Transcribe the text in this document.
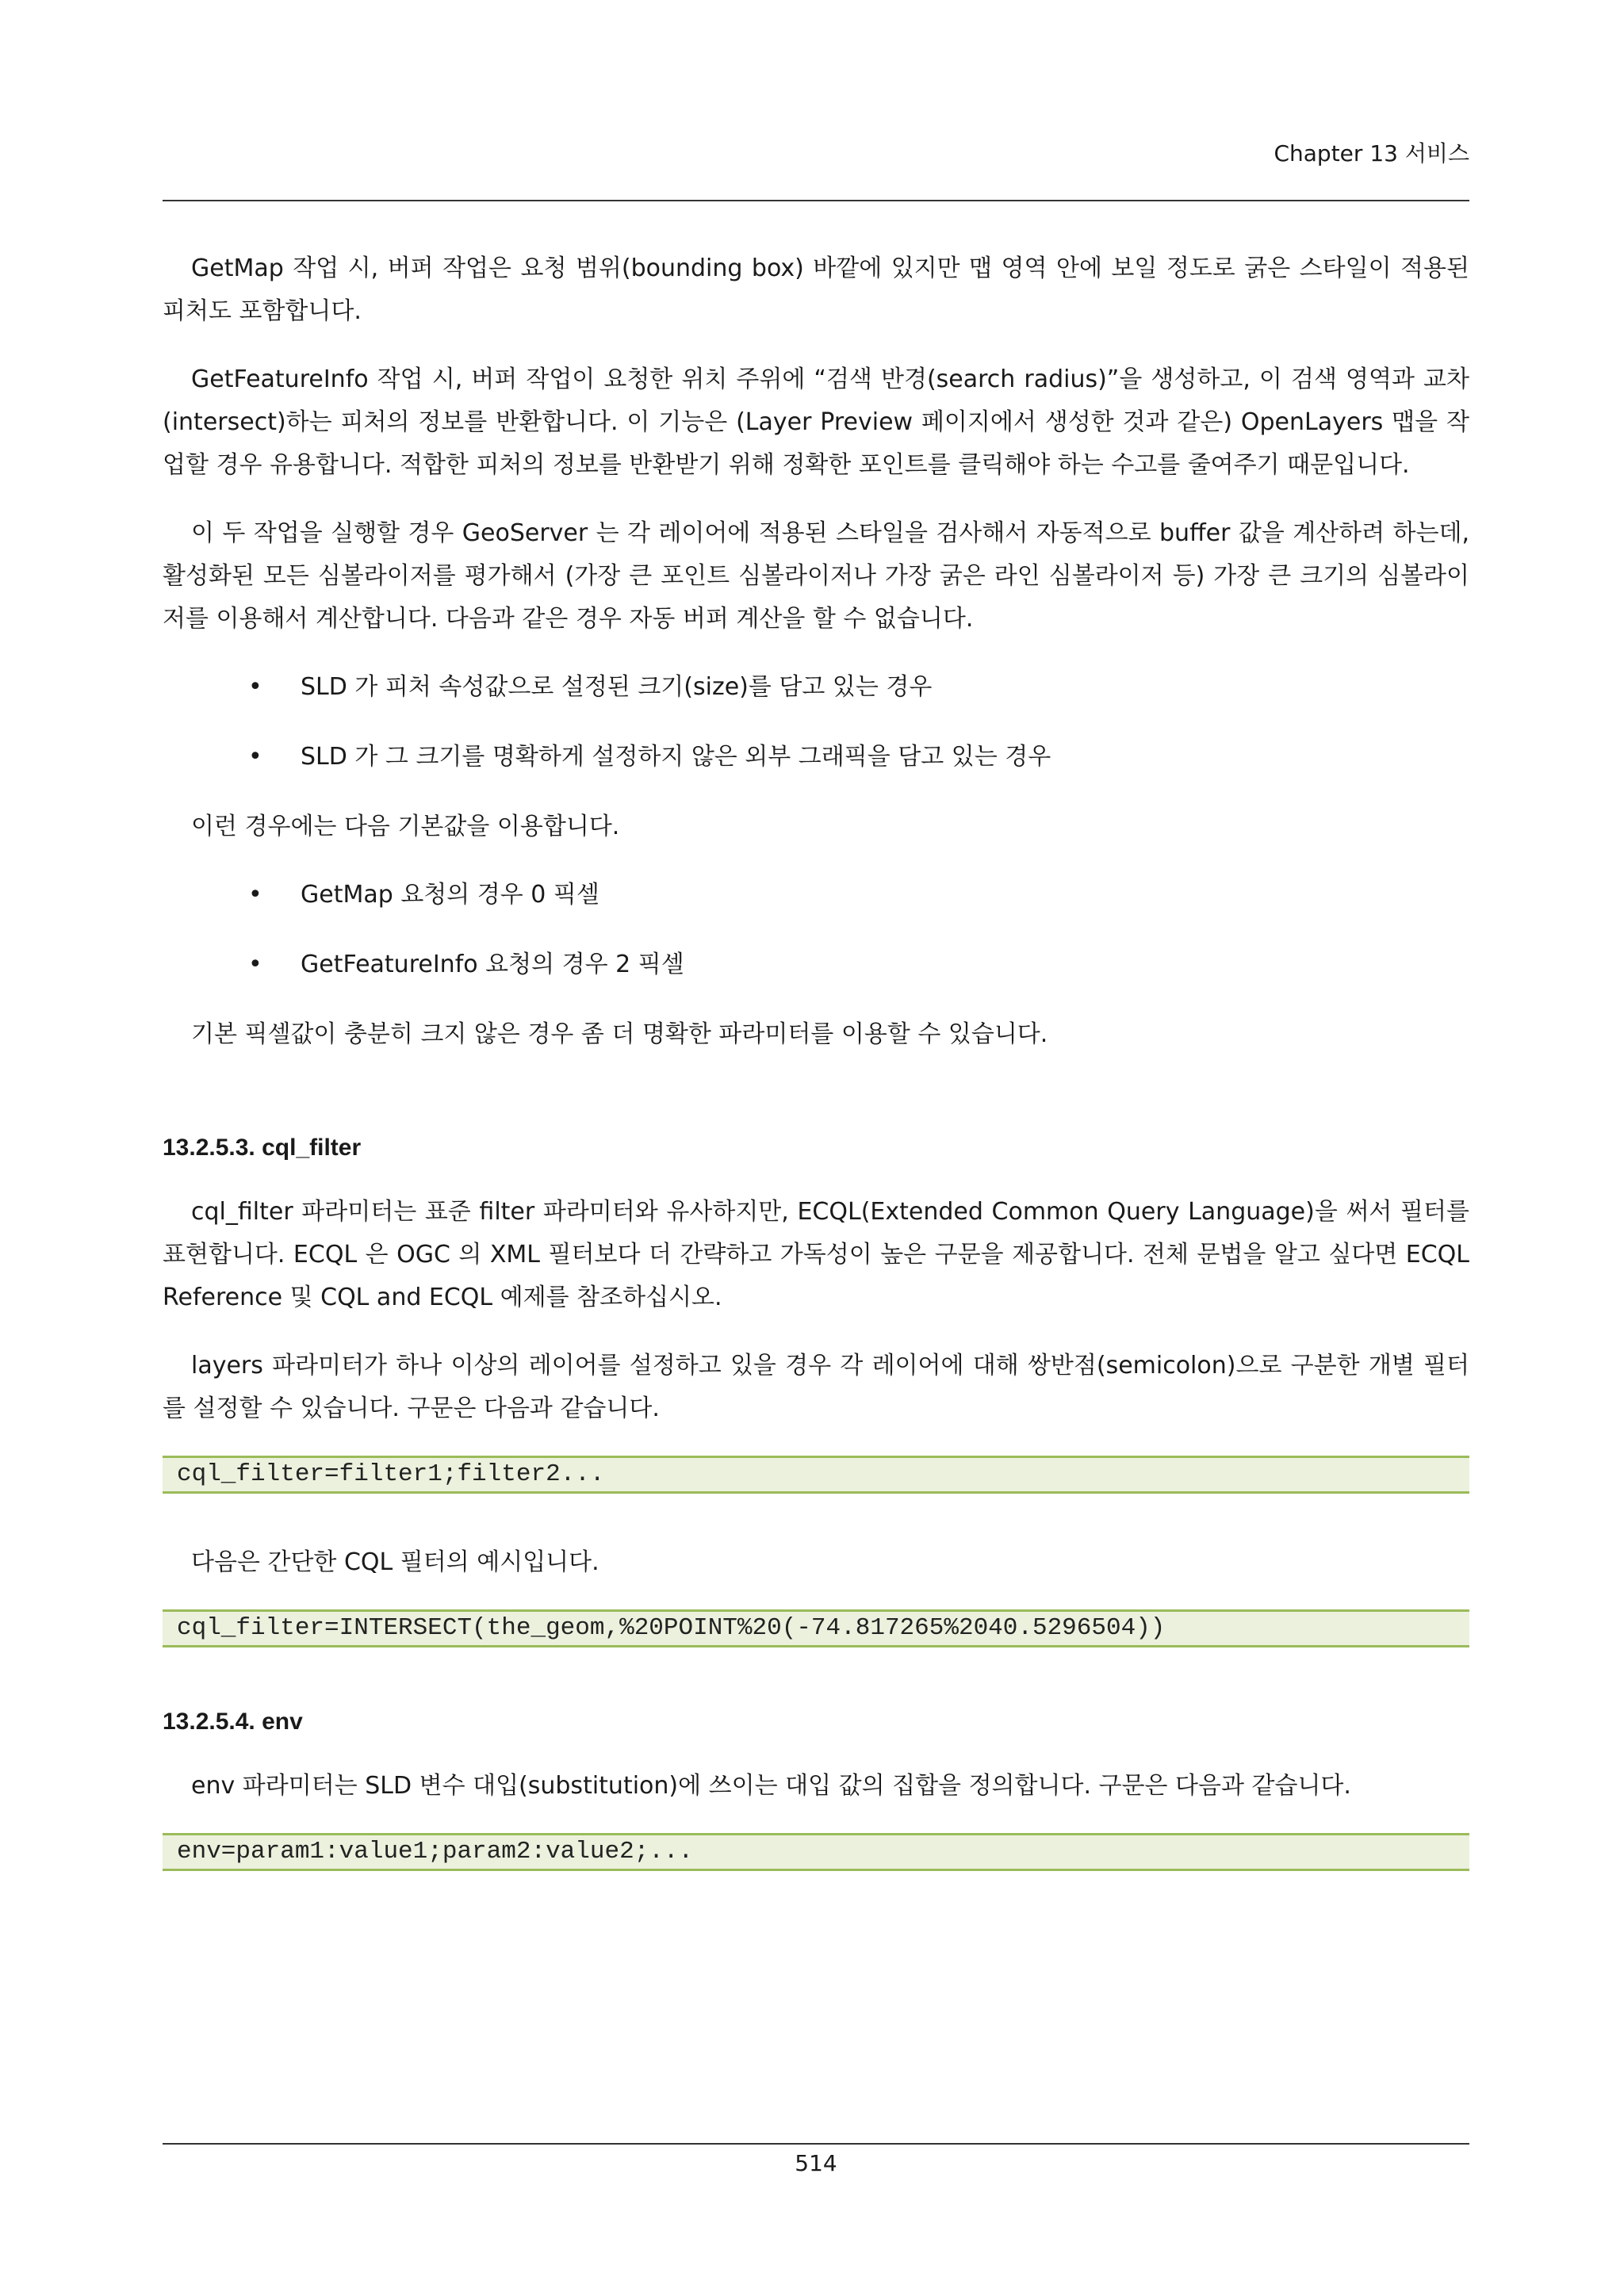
Chapter 13 서비스

GetMap 작업 시, 버퍼 작업은 요청 범위(bounding box) 바깥에 있지만 맵 영역 안에 보일 정도로 굵은 스타일이 적용된 피처도 포함합니다.

GetFeatureInfo 작업 시, 버퍼 작업이 요청한 위치 주위에 “검색 반경(search radius)”을 생성하고, 이 검색 영역과 교차(intersect)하는 피처의 정보를 반환합니다. 이 기능은 (Layer Preview 페이지에서 생성한 것과 같은) OpenLayers 맵을 작업할 경우 유용합니다. 적합한 피처의 정보를 반환받기 위해 정확한 포인트를 클릭해야 하는 수고를 줄여주기 때문입니다.

이 두 작업을 실행할 경우 GeoServer 는 각 레이어에 적용된 스타일을 검사해서 자동적으로 buffer 값을 계산하려 하는데, 활성화된 모든 심볼라이저를 평가해서 (가장 큰 포인트 심볼라이저나 가장 굵은 라인 심볼라이저 등) 가장 큰 크기의 심볼라이저를 이용해서 계산합니다. 다음과 같은 경우 자동 버퍼 계산을 할 수 없습니다.

• SLD 가 피처 속성값으로 설정된 크기(size)를 담고 있는 경우
• SLD 가 그 크기를 명확하게 설정하지 않은 외부 그래픽을 담고 있는 경우

이런 경우에는 다음 기본값을 이용합니다.

• GetMap 요청의 경우 0 픽셀
• GetFeatureInfo 요청의 경우 2 픽셀

기본 픽셀값이 충분히 크지 않은 경우 좀 더 명확한 파라미터를 이용할 수 있습니다.

13.2.5.3. cql_filter

cql_filter 파라미터는 표준 filter 파라미터와 유사하지만, ECQL(Extended Common Query Language)을 써서 필터를 표현합니다. ECQL 은 OGC 의 XML 필터보다 더 간략하고 가독성이 높은 구문을 제공합니다. 전체 문법을 알고 싶다면 ECQL Reference 및 CQL and ECQL 예제를 참조하십시오.

layers 파라미터가 하나 이상의 레이어를 설정하고 있을 경우 각 레이어에 대해 쌍반점(semicolon)으로 구분한 개별 필터를 설정할 수 있습니다. 구문은 다음과 같습니다.

cql_filter=filter1;filter2...

다음은 간단한 CQL 필터의 예시입니다.

cql_filter=INTERSECT(the_geom,%20POINT%20(-74.817265%2040.5296504))
13.2.5.4. env

env 파라미터는 SLD 변수 대입(substitution)에 쓰이는 대입 값의 집합을 정의합니다. 구문은 다음과 같습니다.

env=param1:value1;param2:value2;...
514
